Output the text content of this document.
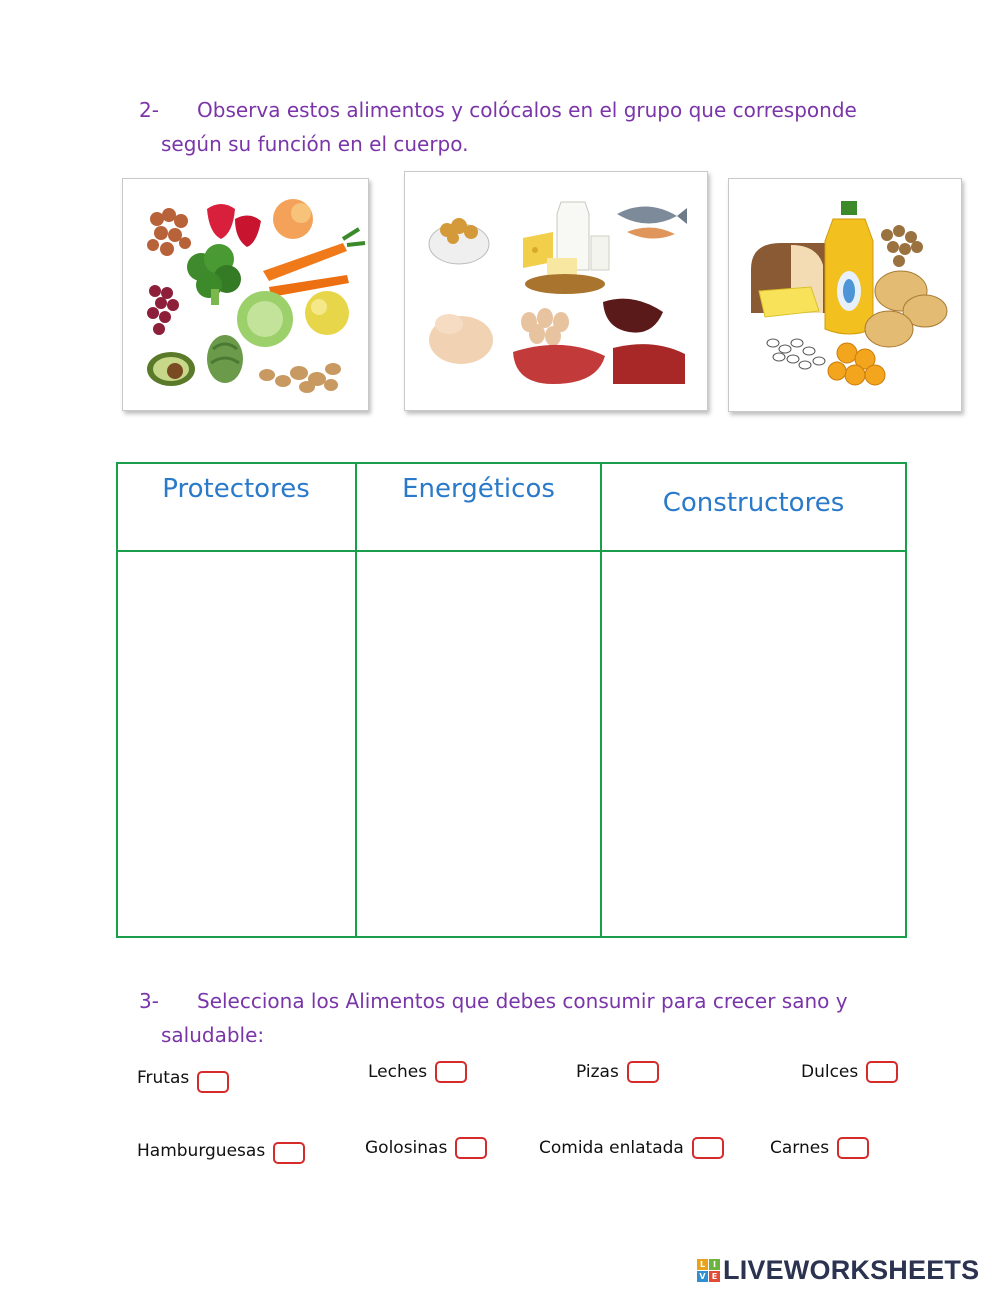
2- Observa estos alimentos y colócalos en el grupo que corresponde
según su función en el cuerpo.
Protectores	Energéticos	Constructores
3- Selecciona los Alimentos que debes consumir para crecer sano y
saludable:
Frutas	Leches	Pizas	Dulces
Hamburguesas	Golosinas	Comida enlatada	Carnes
L I
V E LIVEWORKSHEETS
